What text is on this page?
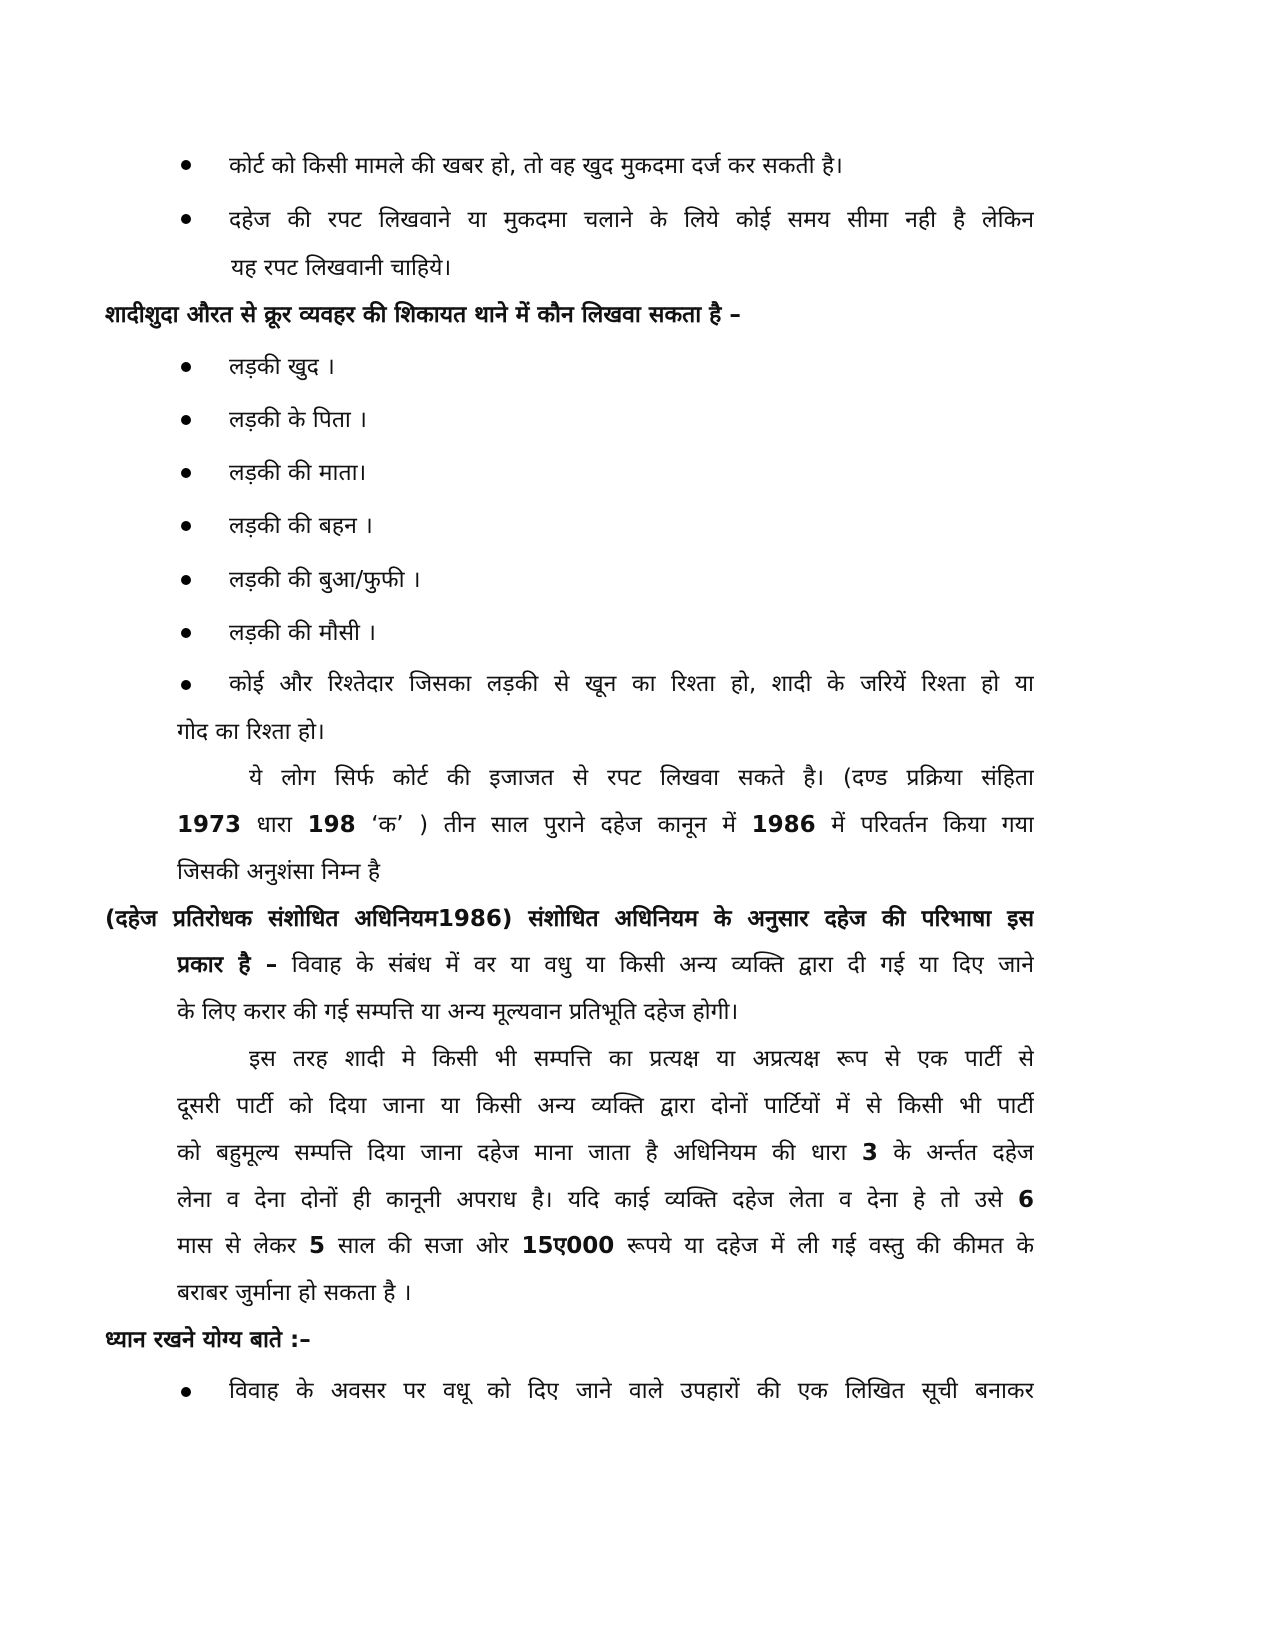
कोर्ट को किसी मामले की खबर हो, तो वह खुद मुकदमा दर्ज कर सकती है।
दहेज की रपट लिखवाने या मुकदमा चलाने के लिये कोई समय सीमा नही है लेकिन
यह रपट लिखवानी चाहिये।
शादीशुदा औरत से क्रूर व्यवहर की शिकायत थाने में कौन लिखवा सकता है –
लड़की खुद ।
लड़की के पिता ।
लड़की की माता।
लड़की की बहन ।
लड़की की बुआ/फुफी ।
लड़की की मौसी ।
कोई और रिश्तेदार जिसका लड़की से खून का रिश्ता हो, शादी के जरियें रिश्ता हो या
गोद का रिश्ता हो।
ये लोग सिर्फ कोर्ट की इजाजत से रपट लिखवा सकते है। (दण्ड प्रक्रिया संहिता
1973 धारा 198 ‘क’ ) तीन साल पुराने दहेज कानून में 1986 में परिवर्तन किया गया
जिसकी अनुशंसा निम्न है
(दहेज प्रतिरोधक संशोधित अधिनियम1986) संशोधित अधिनियम के अनुसार दहेज की परिभाषा इस
प्रकार है – विवाह के संबंध में वर या वधु या किसी अन्य व्यक्ति द्वारा दी गई या दिए जाने
के लिए करार की गई सम्पत्ति या अन्य मूल्यवान प्रतिभूति दहेज होगी।
इस तरह शादी मे किसी भी सम्पत्ति का प्रत्यक्ष या अप्रत्यक्ष रूप से एक पार्टी से
दूसरी पार्टी को दिया जाना या किसी अन्य व्यक्ति द्वारा दोनों पार्टियों में से किसी भी पार्टी
को बहुमूल्य सम्पत्ति दिया जाना दहेज माना जाता है अधिनियम की धारा 3 के अर्न्तत दहेज
लेना व देना दोनों ही कानूनी अपराध है। यदि काई व्यक्ति दहेज लेता व देना हे तो उसे 6
मास से लेकर 5 साल की सजा ओर 15ए000 रूपये या दहेज में ली गई वस्तु की कीमत के
बराबर जुर्माना हो सकता है ।
ध्यान रखने योग्य बाते :–
विवाह के अवसर पर वधू को दिए जाने वाले उपहारों की एक लिखित सूची बनाकर
